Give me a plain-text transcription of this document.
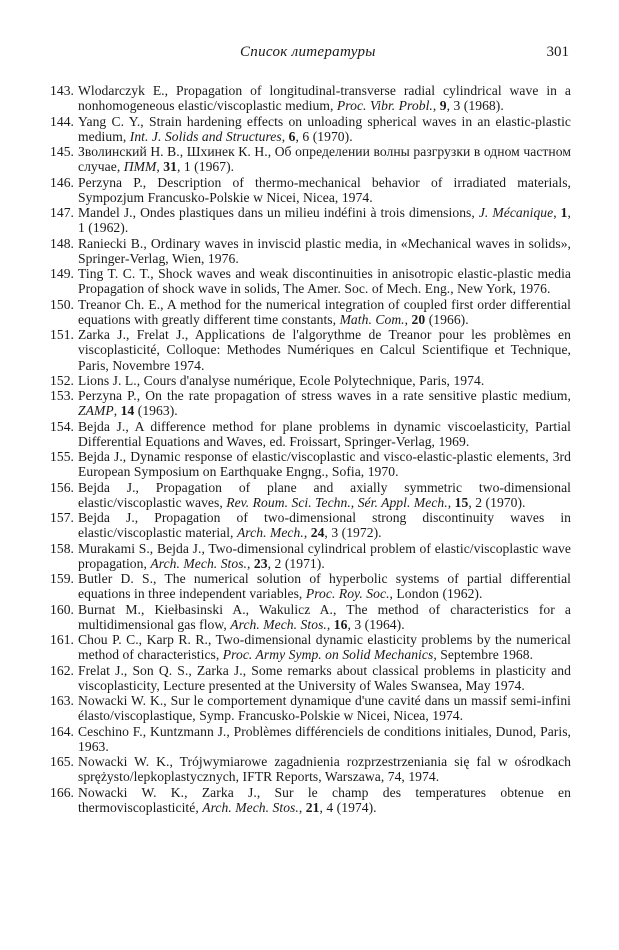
Список литературы	301
143. Wlodarczyk E., Propagation of longitudinal-transverse radial cylindrical wave in a nonhomogeneous elastic/viscoplastic medium, Proc. Vibr. Probl., 9, 3 (1968).
144. Yang C. Y., Strain hardening effects on unloading spherical waves in an elastic-plastic medium, Int. J. Solids and Structures, 6, 6 (1970).
145. Зволинский Н. В., Шхинек К. Н., Об определении волны разгрузки в одном частном случае, ПММ, 31, 1 (1967).
146. Perzyna P., Description of thermo-mechanical behavior of irradiated materials, Sympozjum Francusko-Polskie w Nicei, Nicea, 1974.
147. Mandel J., Ondes plastiques dans un milieu indéfini à trois dimensions, J. Mécanique, 1, 1 (1962).
148. Raniecki B., Ordinary waves in inviscid plastic media, in «Mechanical waves in solids», Springer-Verlag, Wien, 1976.
149. Ting T. C. T., Shock waves and weak discontinuities in anisotropic elastic-plastic media Propagation of shock wave in solids, The Amer. Soc. of Mech. Eng., New York, 1976.
150. Treanor Ch. E., A method for the numerical integration of coupled first order differential equations with greatly different time constants, Math. Com., 20 (1966).
151. Zarka J., Frelat J., Applications de l'algorythme de Treanor pour les problèmes en viscoplasticité, Colloque: Methodes Numériques en Calcul Scientifique et Technique, Paris, Novembre 1974.
152. Lions J. L., Cours d'analyse numérique, Ecole Polytechnique, Paris, 1974.
153. Perzyna P., On the rate propagation of stress waves in a rate sensitive plastic medium, ZAMP, 14 (1963).
154. Bejda J., A difference method for plane problems in dynamic viscoelasticity, Partial Differential Equations and Waves, ed. Froissart, Springer-Verlag, 1969.
155. Bejda J., Dynamic response of elastic/viscoplastic and visco-elastic-plastic elements, 3rd European Symposium on Earthquake Engng., Sofia, 1970.
156. Bejda J., Propagation of plane and axially symmetric two-dimensional elastic/viscoplastic waves, Rev. Roum. Sci. Techn., Sér. Appl. Mech., 15, 2 (1970).
157. Bejda J., Propagation of two-dimensional strong discontinuity waves in elastic/viscoplastic material, Arch. Mech., 24, 3 (1972).
158. Murakami S., Bejda J., Two-dimensional cylindrical problem of elastic/viscoplastic wave propagation, Arch. Mech. Stos., 23, 2 (1971).
159. Butler D. S., The numerical solution of hyperbolic systems of partial differential equations in three independent variables, Proc. Roy. Soc., London (1962).
160. Burnat M., Kiełbasinski A., Wakulicz A., The method of characteristics for a multidimensional gas flow, Arch. Mech. Stos., 16, 3 (1964).
161. Chou P. C., Karp R. R., Two-dimensional dynamic elasticity problems by the numerical method of characteristics, Proc. Army Symp. on Solid Mechanics, Septembre 1968.
162. Frelat J., Son Q. S., Zarka J., Some remarks about classical problems in plasticity and viscoplasticity, Lecture presented at the University of Wales Swansea, May 1974.
163. Nowacki W. K., Sur le comportement dynamique d'une cavité dans un massif semi-infini élasto/viscoplastique, Symp. Francusko-Polskie w Nicei, Nicea, 1974.
164. Ceschino F., Kuntzmann J., Problèmes différenciels de conditions initiales, Dunod, Paris, 1963.
165. Nowacki W. K., Trójwymiarowe zagadnienia rozprzestrzeniania się fal w ośrodkach sprężysto/lepkoplastycznych, IFTR Reports, Warszawa, 74, 1974.
166. Nowacki W. K., Zarka J., Sur le champ des temperatures obtenue en thermoviscoplasticité, Arch. Mech. Stos., 21, 4 (1974).
